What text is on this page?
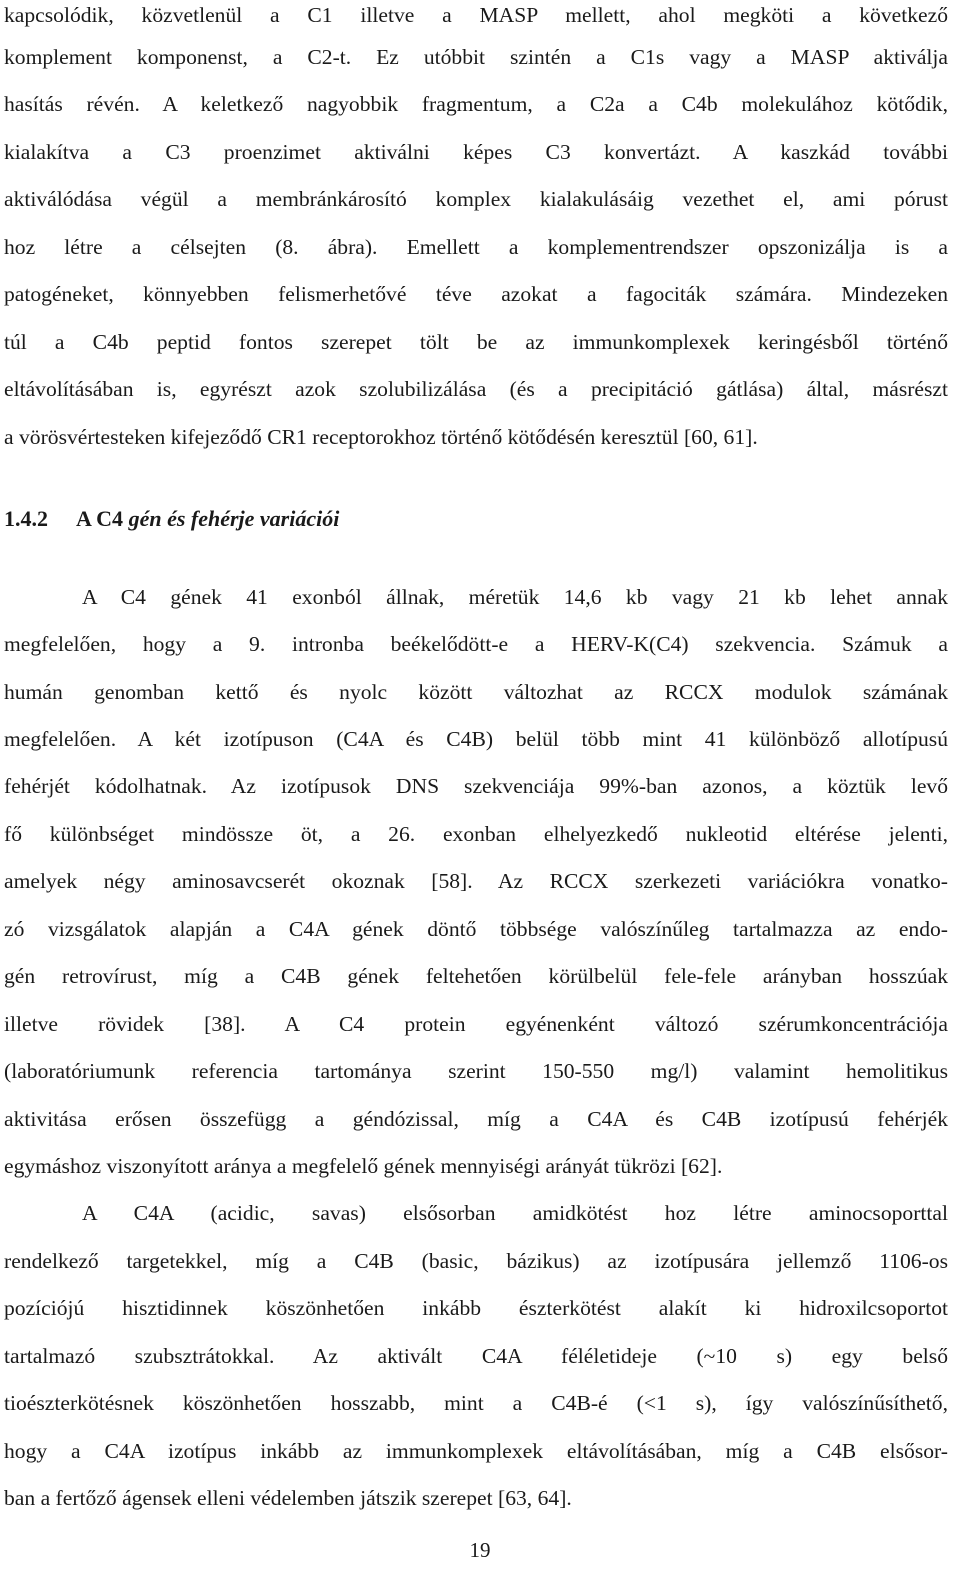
kapcsolódik, közvetlenül a C1 illetve a MASP mellett, ahol megköti a következő
komplement komponenst, a C2-t. Ez utóbbit szintén a C1s vagy a MASP aktiválja
hasítás révén. A keletkező nagyobbik fragmentum, a C2a a C4b molekulához kötődik,
kialakítva a C3 proenzimet aktiválni képes C3 konvertázt. A kaszkád további
aktiválódása végül a membránkárosító komplex kialakulásáig vezethet el, ami pórust
hoz létre a célsejten (8. ábra). Emellett a komplementrendszer opszonizálja is a
patogéneket, könnyebben felismerhetővé téve azokat a fagociták számára. Mindezeken
túl a C4b peptid fontos szerepet tölt be az immunkomplexek keringésből történő
eltávolításában is, egyrészt azok szolubilizálása (és a precipitáció gátlása) által, másrészt
a vörösvértesteken kifejeződő CR1 receptorokhoz történő kötődésén keresztül [60, 61].
1.4.2 A C4 gén és fehérje variációi
A C4 gének 41 exonból állnak, méretük 14,6 kb vagy 21 kb lehet annak
megfelelően, hogy a 9. intronba beékelődött-e a HERV-K(C4) szekvencia. Számuk a
humán genomban kettő és nyolc között változhat az RCCX modulok számának
megfelelően. A két izotípuson (C4A és C4B) belül több mint 41 különböző allotípusú
fehérjét kódolhatnak. Az izotípusok DNS szekvenciája 99%-ban azonos, a köztük levő
fő különbséget mindössze öt, a 26. exonban elhelyezkedő nukleotid eltérése jelenti,
amelyek négy aminosavcserét okoznak [58]. Az RCCX szerkezeti variációkra vonatko-
zó vizsgálatok alapján a C4A gének döntő többsége valószínűleg tartalmazza az endo-
gén retrovírust, míg a C4B gének feltehetően körülbelül fele-fele arányban hosszúak
illetve rövidek [38]. A C4 protein egyénenként változó szérumkoncentrációja
(laboratóriumunk referencia tartománya szerint 150-550 mg/l) valamint hemolitikus
aktivitása erősen összefügg a géndózissal, míg a C4A és C4B izotípusú fehérjék
egymáshoz viszonyított aránya a megfelelő gének mennyiségi arányát tükrözi [62].
A C4A (acidic, savas) elsősorban amidkötést hoz létre aminocsoporttal
rendelkező targetekkel, míg a C4B (basic, bázikus) az izotípusára jellemző 1106-os
pozíciójú hisztidinnek köszönhetően inkább észterkötést alakít ki hidroxilcsoportot
tartalmazó szubsztrátokkal. Az aktivált C4A féléletideje (~10 s) egy belső
tioészterkötésnek köszönhetően hosszabb, mint a C4B-é (<1 s), így valószínűsíthető,
hogy a C4A izotípus inkább az immunkomplexek eltávolításában, míg a C4B elsősor-
ban a fertőző ágensek elleni védelemben játszik szerepet [63, 64].
19
